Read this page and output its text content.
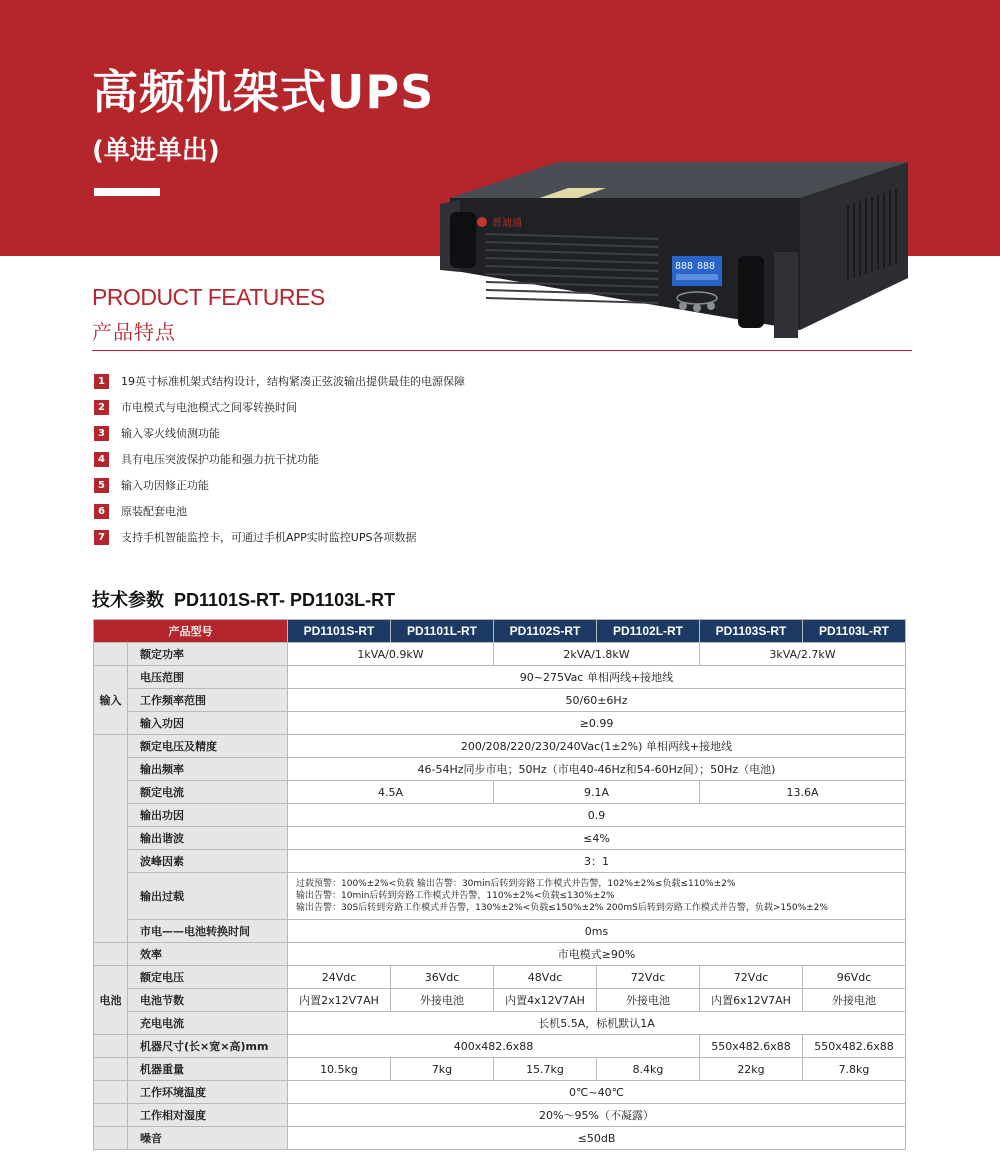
高频机架式UPS
(单进单出)
普迪通
888 888
PRODUCT FEATURES
产品特点
1	19英寸标准机架式结构设计，结构紧凑正弦波输出提供最佳的电源保障
2	市电模式与电池模式之间零转换时间
3	输入零火线侦测功能
4	具有电压突波保护功能和强力抗干扰功能
5	输入功因修正功能
6	原装配套电池
7	支持手机智能监控卡，可通过手机APP实时监控UPS各项数据
技术参数 PD1101S-RT- PD1103L-RT
产品型号		PD1101S-RT	PD1101L-RT	PD1102S-RT	PD1102L-RT	PD1103S-RT	PD1103L-RT
	额定功率	1kVA/0.9kW		2kVA/1.8kW		3kVA/2.7kW	
输入	电压范围	90~275Vac 单相两线+接地线					
	工作频率范围	50/60±6Hz					
	输入功因	≥0.99					
	额定电压及精度	200/208/220/230/240Vac(1±2%) 单相两线+接地线					
	输出频率	46-54Hz同步市电；50Hz（市电40-46Hz和54-60Hz间）；50Hz（电池)					
	额定电流	4.5A		9.1A		13.6A	
	输出功因	0.9					
	输出谐波	≤4%					
	波峰因素	3：1					
	输出过载	过载预警：100%±2%<负载 输出告警：30min后转到旁路工作模式并告警，102%±2%≤负载≤110%±2%
输出告警：10min后转到旁路工作模式并告警，110%±2%<负载≤130%±2%
输出告警：30S后转到旁路工作模式并告警，130%±2%<负载≤150%±2% 200mS后转到旁路工作模式并告警，负载>150%±2%					

	市电——电池转换时间	0ms					
	效率	市电模式≥90%					
电池	额定电压	24Vdc	36Vdc	48Vdc	72Vdc	72Vdc	96Vdc
	电池节数	内置2x12V7AH	外接电池	内置4x12V7AH	外接电池	内置6x12V7AH	外接电池
	充电电流	长机5.5A，标机默认1A					
	机器尺寸(长×宽×高)mm	400x482.6x88				550x482.6x88	550x482.6x88
	机器重量	10.5kg	7kg	15.7kg	8.4kg	22kg	7.8kg
	工作环境温度	0℃~40℃					
	工作相对湿度	20%～95%（不凝露）					
	噪音	≤50dB					
